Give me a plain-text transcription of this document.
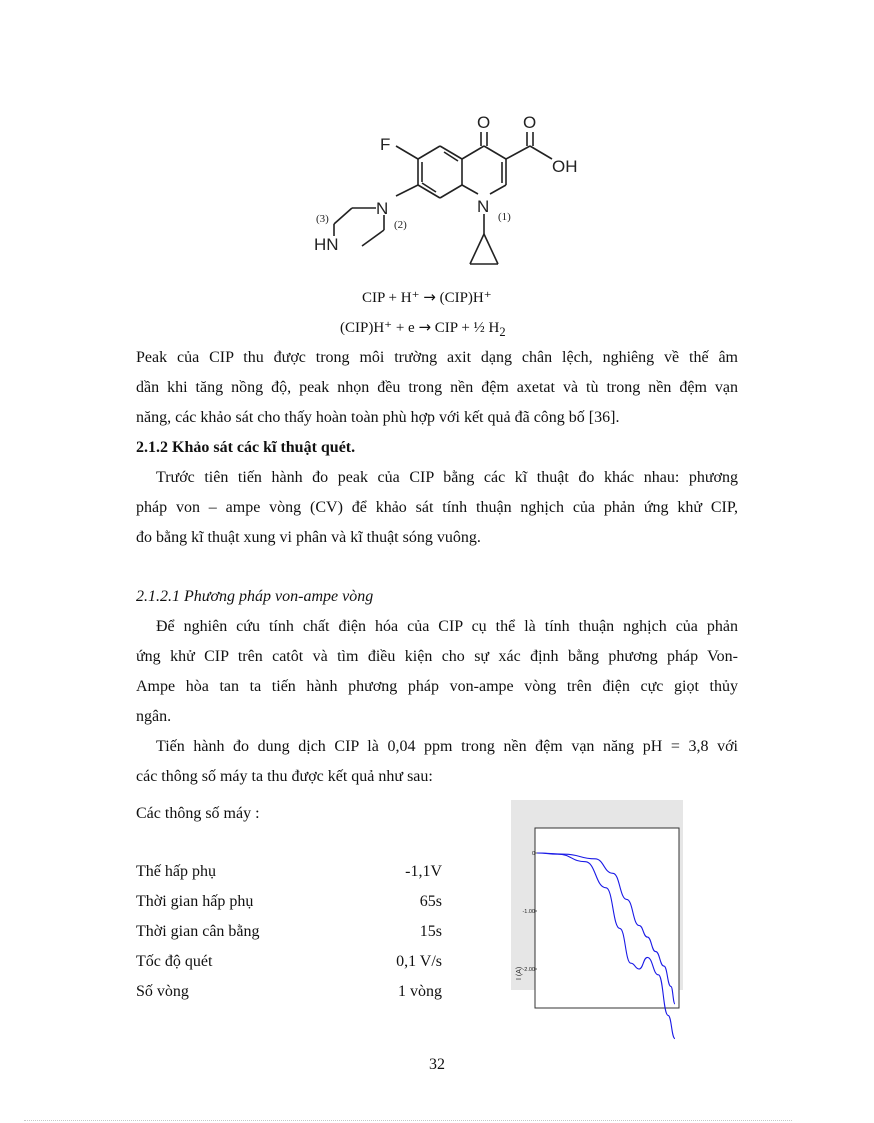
O O
OH
F
N
N
HN
(1)
(2)
(3)
CIP + H⁺ → (CIP)H⁺
(CIP)H⁺ + e → CIP + ½ $H_2$
Peak của CIP thu được trong môi trường axit dạng chân lệch, nghiêng về thế âm
dần khi tăng nồng độ, peak nhọn đều trong nền đệm axetat và tù trong nền đệm vạn
năng, các khảo sát cho thấy hoàn toàn phù hợp với kết quả đã công bố [36].
2.1.2 Khảo sát các kĩ thuật quét.
Trước tiên tiến hành đo peak của CIP bằng các kĩ thuật đo khác nhau: phương
pháp von – ampe vòng (CV) để khảo sát tính thuận nghịch của phản ứng khử CIP,
đo bằng kĩ thuật xung vi phân và kĩ thuật sóng vuông.
2.1.2.1 Phương pháp von-ampe vòng
Để nghiên cứu tính chất điện hóa của CIP cụ thể là tính thuận nghịch của phản
ứng khử CIP trên catôt và tìm điều kiện cho sự xác định bằng phương pháp Von-
Ampe hòa tan ta tiến hành phương pháp von-ampe vòng trên điện cực giọt thủy
ngân.
Tiến hành đo dung dịch CIP là 0,04 ppm trong nền đệm vạn năng pH = 3,8 với
các thông số máy ta thu được kết quả như sau:
Các thông số máy :
Thế hấp phụ	-1,1V
Thời gian hấp phụ	65s
Thời gian cân bằng	15s
Tốc độ quét	0,1 V/s
Số vòng	1 vòng
I (A)
0
-1.00
-2.00
32
